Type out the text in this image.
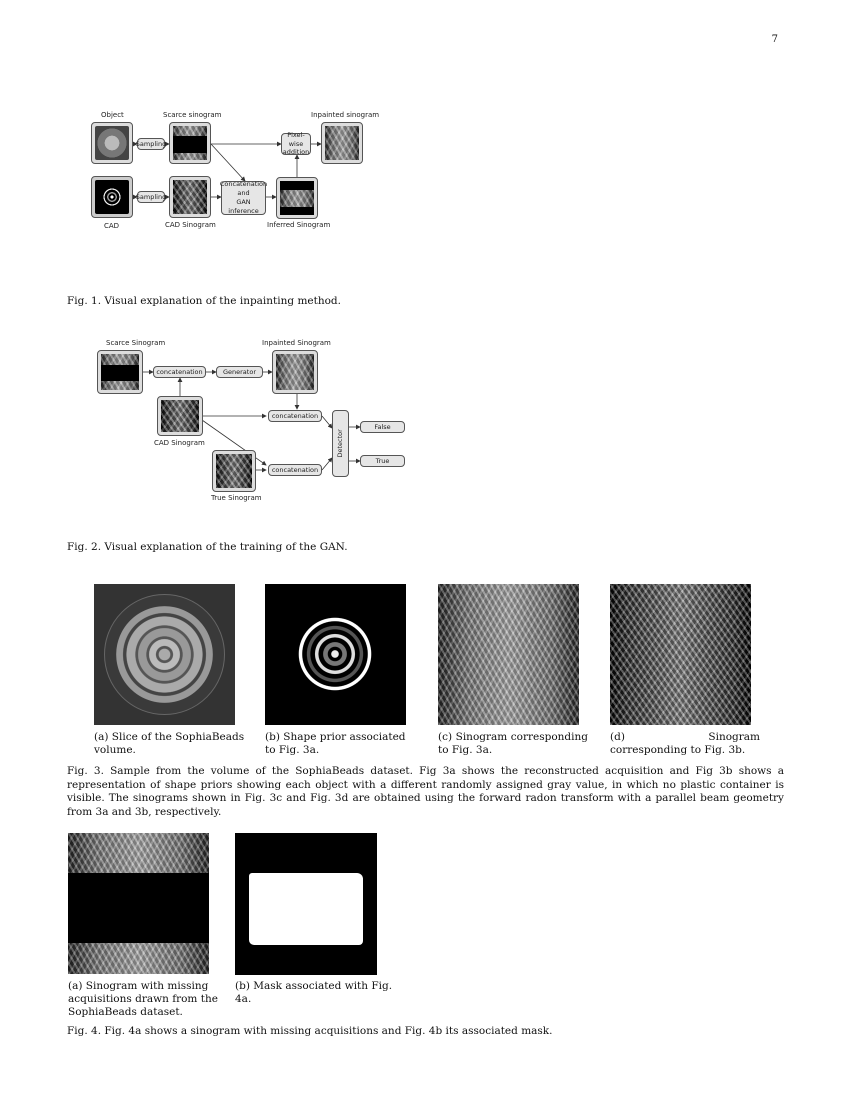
7
Object	Scarce sinogram	Inpainted sinogram
Sampling
Pixel-wise
addition
Sampling
Concatenation
and
GAN inference
CAD	CAD Sinogram	Inferred Sinogram
Fig. 1. Visual explanation of the inpainting method.
Scarce Sinogram	Inpainted Sinogram
concatenation	Generator
CAD Sinogram
concatenation
True Sinogram
concatenation
Detector
False
True
Fig. 2. Visual explanation of the training of the GAN.
(a) Slice of the SophiaBeads volume.
(b) Shape prior associated to Fig. 3a.
(c) Sinogram corresponding to Fig. 3a.
(d) Sinogram corresponding to Fig. 3b.
Fig. 3. Sample from the volume of the SophiaBeads dataset. Fig 3a shows the reconstructed acquisition and Fig 3b shows a representation of shape priors showing each object with a different randomly assigned gray value, in which no plastic container is visible. The sinograms shown in Fig. 3c and Fig. 3d are obtained using the forward radon transform with a parallel beam geometry from 3a and 3b, respectively.
(a) Sinogram with missing acquisitions drawn from the SophiaBeads dataset.
(b) Mask associated with Fig. 4a.
Fig. 4. Fig. 4a shows a sinogram with missing acquisitions and Fig. 4b its associated mask.
